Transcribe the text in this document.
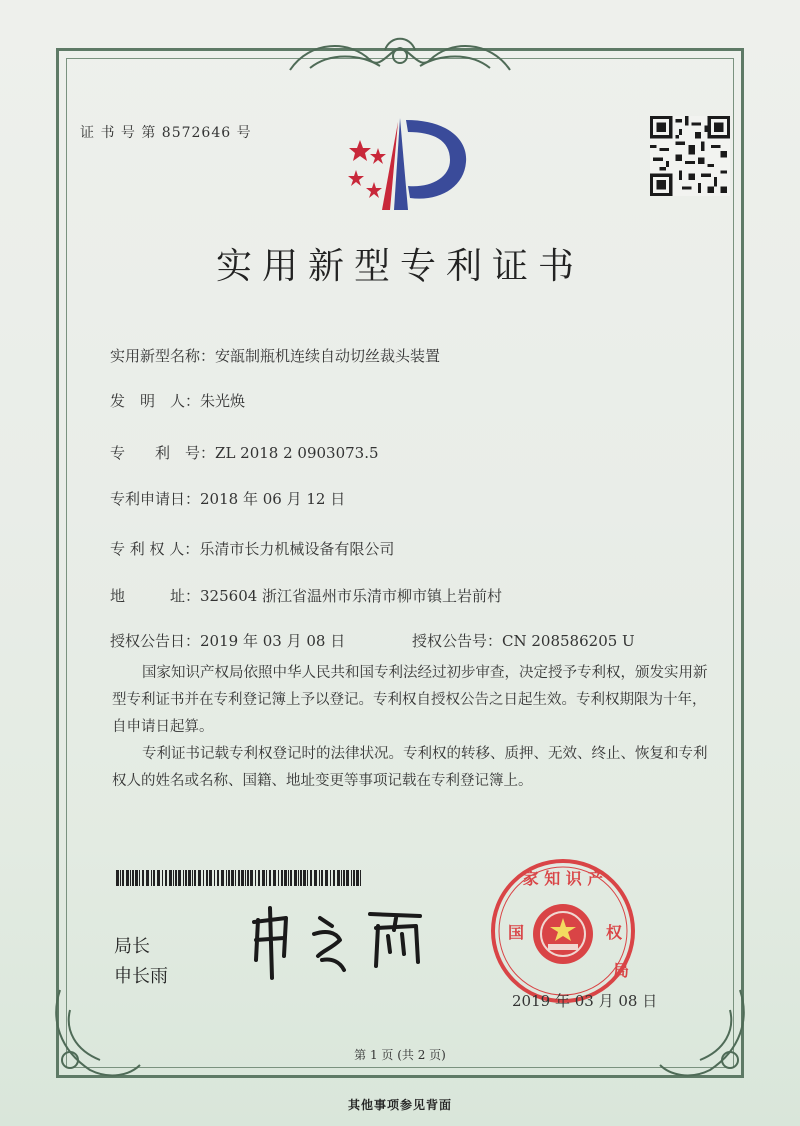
证 书 号 第 8572646 号
实用新型专利证书
实用新型名称：安瓿制瓶机连续自动切丝裁头装置
发　明　人：朱光焕
专　　利　号：ZL 2018 2 0903073.5
专利申请日：2018 年 06 月 12 日
专 利 权 人：乐清市长力机械设备有限公司
地　　　址：325604 浙江省温州市乐清市柳市镇上岩前村
授权公告日：2019 年 03 月 08 日	授权公告号：CN 208586205 U

国家知识产权局依照中华人民共和国专利法经过初步审查，决定授予专利权，颁发实用新型专利证书并在专利登记簿上予以登记。专利权自授权公告之日起生效。专利权期限为十年，自申请日起算。

专利证书记载专利权登记时的法律状况。专利权的转移、质押、无效、终止、恢复和专利权人的姓名或名称、国籍、地址变更等事项记载在专利登记簿上。

局长
申长雨
家 知 识 产
国	权
局
2019 年 03 月 08 日
第 1 页 (共 2 页)
其他事项参见背面
